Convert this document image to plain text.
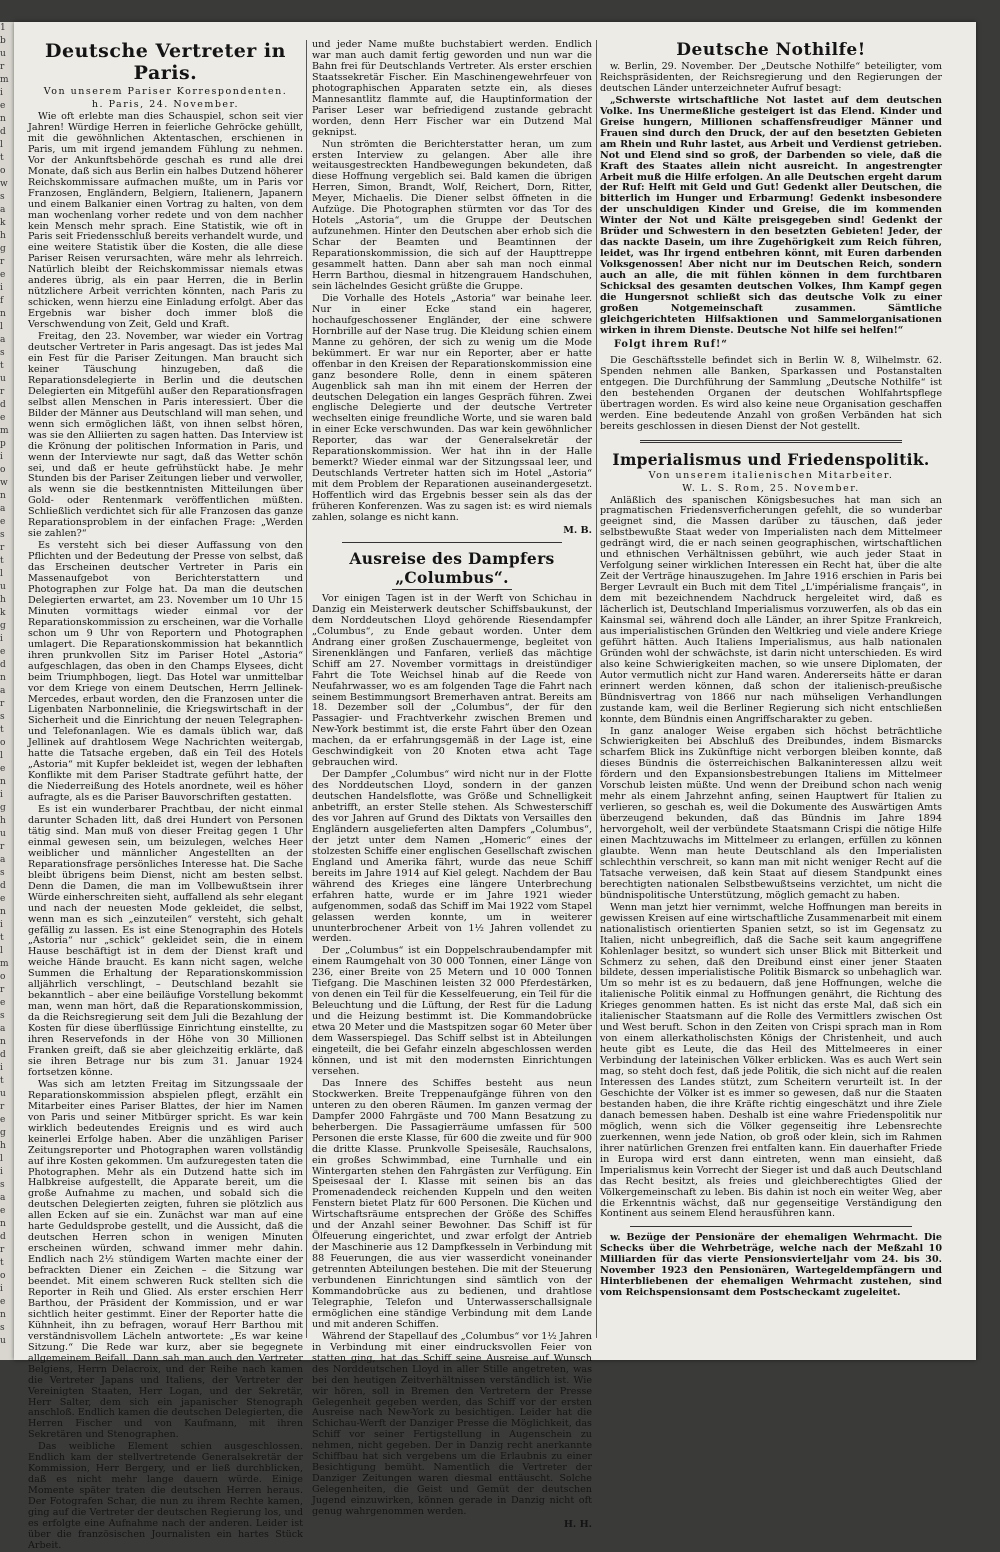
1
b
u
r
m
i
e
n
d
l
t
o
w
s
a
k
h
g
r
e
i
f
n
l
a
s
t
u
r
d
e
m
p
i
o
w
n
a
e
s
r
t
l
u
h
k
g
i
e
d
n
a
r
s
t
o
l
e
n
i
g
h
u
r
a
s
d
e
n
i
t
l
m
o
r
e
s
a
n
d
i
t
u
r
e
g
h
l
i
s
a
e
n
d
r
t
o
i
e
n
s
u
Deutsche Vertreter in Paris.
Von unserem Pariser Korrespondenten.
h. Paris, 24. November.

Wie oft erlebte man dies Schauspiel, schon seit vier Jahren! Würdige Herren in feierliche Gehröcke gehüllt, mit die gewöhnlichen Aktentaschen, erschienen in Paris, um mit irgend jemandem Fühlung zu nehmen. Vor der Ankunftsbehörde geschah es rund alle drei Monate, daß sich aus Berlin ein halbes Dutzend höherer Reichskommissare aufmachen mußte, um in Paris vor Franzosen, Engländern, Belgiern, Italienern, Japanern und einem Balkanier einen Vortrag zu halten, von dem man wochenlang vorher redete und von dem nachher kein Mensch mehr sprach. Eine Statistik, wie oft in Paris seit Friedensschluß bereits verhandelt wurde, und eine weitere Statistik über die Kosten, die alle diese Pariser Reisen verursachten, wäre mehr als lehrreich. Natürlich bleibt der Reichskommissar niemals etwas anderes übrig, als ein paar Herren, die in Berlin nützlichere Arbeit verrichten könnten, nach Paris zu schicken, wenn hierzu eine Einladung erfolgt. Aber das Ergebnis war bisher doch immer bloß die Verschwendung von Zeit, Geld und Kraft.

Freitag, den 23. November, war wieder ein Vortrag deutscher Vertreter in Paris angesagt. Das ist jedes Mal ein Fest für die Pariser Zeitungen. Man braucht sich keiner Täuschung hinzugeben, daß die Reparationsdelegierte in Berlin und die deutschen Delegierten ein Mitgefühl außer den Reparationsfragen selbst allen Menschen in Paris interessiert. Über die Bilder der Männer aus Deutschland will man sehen, und wenn sich ermöglichen läßt, von ihnen selbst hören, was sie den Alliierten zu sagen hatten. Das Interview ist die Krönung der politischen Information in Paris, und wenn der Interviewte nur sagt, daß das Wetter schön sei, und daß er heute gefrühstückt habe. Je mehr Stunden bis der Pariser Zeitungen lieber und verwoller, als wenn sie die bestkenntnisten Mitteilungen über Gold- oder Rentenmark veröffentlichen müßten. Schließlich verdichtet sich für alle Franzosen das ganze Reparationsproblem in der einfachen Frage: „Werden sie zahlen?“

Es versteht sich bei dieser Auffassung von den Pflichten und der Bedeutung der Presse von selbst, daß das Erscheinen deutscher Vertreter in Paris ein Massenaufgebot von Berichterstattern und Photographen zur Folge hat. Da man die deutschen Delegierten erwartet, am 23. November um 10 Uhr 15 Minuten vormittags wieder einmal vor der Reparationskommission zu erscheinen, war die Vorhalle schon um 9 Uhr von Reportern und Photographen umlagert. Die Reparationskommission hat bekanntlich ihren prunkvollen Sitz im Pariser Hotel „Astoria“ aufgeschlagen, das oben in den Champs Elysees, dicht beim Triumphbogen, liegt. Das Hotel war unmittelbar vor dem Kriege von einem Deutschen, Herrn Jellinek-Mercedes, erbaut worden, den die Franzosen unter die Ligenbaten Narbonnelinie, die Kriegswirtschaft in der Sicherheit und die Einrichtung der neuen Telegraphen- und Telefonanlagen. Wie es damals üblich war, daß Jellinek auf drahtlosem Wege Nachrichten weitergab, hatte die Tatsache ergeben, daß ein Teil des Hotels „Astoria“ mit Kupfer bekleidet ist, wegen der lebhaften Konflikte mit dem Pariser Stadtrate geführt hatte, der die Niederreißung des Hotels anordnete, weil es höher aufragte, als es die Pariser Bauvorschriften gestatten.

Es ist ein wunderbarer Prachtbau, der nicht einmal darunter Schaden litt, daß drei Hundert von Personen tätig sind. Man muß von dieser Freitag gegen 1 Uhr einmal gewesen sein, um beizulegen, welches Heer weiblicher und männlicher Angestellten an der Reparationsfrage persönliches Interesse hat. Die Sache bleibt übrigens beim Dienst, nicht am besten selbst. Denn die Damen, die man im Vollbewußtsein ihrer Würde einherschreiten sieht, auffallend als sehr elegant und nach der neuesten Mode gekleidet, die selbst, wenn man es sich „einzuteilen“ versteht, sich gehalt gefällig zu lassen. Es ist eine Stenographin des Hotels „Astoria“ nur „schick“ gekleidet sein, die in einem Hause beschäftigt ist in dem der Dienst kraft und weiche Hände braucht. Es kann nicht sagen, welche Summen die Erhaltung der Reparationskommission alljährlich verschlingt, – Deutschland bezahlt sie bekanntlich – aber eine beiläufige Vorstellung bekommt man, wenn man hört, daß die Reparationskommission, da die Reichsregierung seit dem Juli die Bezahlung der Kosten für diese überflüssige Einrichtung einstellte, zu ihren Reservefonds in der Höhe von 30 Millionen Franken greift, daß sie aber gleichzeitig erklärte, daß sie ihren Betrage nur bis zum 31. Januar 1924 fortsetzen könne.

Was sich am letzten Freitag im Sitzungssaale der Reparationskommission abspielen pflegt, erzählt ein Mitarbeiter eines Pariser Blattes, der hier im Namen von Paris und seiner Mitbürger spricht. Es war kein wirklich bedeutendes Ereignis und es wird auch keinerlei Erfolge haben. Aber die unzähligen Pariser Zeitungsreporter und Photographen waren vollständig auf ihre Kosten gekommen. Um aufzuregesten taten die Photographen. Mehr als ein Dutzend hatte sich im Halbkreise aufgestellt, die Apparate bereit, um die große Aufnahme zu machen, und sobald sich die deutschen Delegierten zeigten, fuhren sie plötzlich aus allen Ecken auf sie ein. Zunächst war man auf eine harte Geduldsprobe gestellt, und die Aussicht, daß die deutschen Herren schon in wenigen Minuten erscheinen würden, schwand immer mehr dahin. Endlich nach 2½ stündigem Warten machte einer der befrackten Diener ein Zeichen – die Sitzung war beendet. Mit einem schweren Ruck stellten sich die Reporter in Reih und Glied. Als erster erschien Herr Barthou, der Präsident der Kommission, und er war sichtlich heiter gestimmt. Einer der Reporter hatte die Kühnheit, ihn zu befragen, worauf Herr Barthou mit verständnisvollem Lächeln antwortete: „Es war keine Sitzung.“ Die Rede war kurz, aber sie begegnete allgemeinem Beifall. Dann sah man auch den Vertreter Belgiens, Herrn Delacroix, und der Reihe nach kamen die Vertreter Japans und Italiens, der Vertreter der Vereinigten Staaten, Herr Logan, und der Sekretär, Herr Salter, dem sich ein japanischer Stenograph anschloß. Endlich kamen die deutschen Delegierten, die Herren Fischer und von Kaufmann, mit ihren Sekretären und Stenographen.

Das weibliche Element schien ausgeschlossen. Endlich kam der stellvertretende Generalsekretär der Kommission, Herr Bergery, und er ließ durchblicken, daß es nicht mehr lange dauern würde. Einige Momente später traten die deutschen Herren heraus. Der Fotografen Schar, die nun zu ihrem Rechte kamen, ging auf die Vertreter der deutschen Regierung los, und es erfolgte eine Aufnahme nach der anderen. Leider ist über die französischen Journalisten ein hartes Stück Arbeit.

und jeder Name mußte buchstabiert werden. Endlich war man auch damit fertig geworden und nun war die Bahn frei für Deutschlands Vertreter. Als erster erschien Staatssekretär Fischer. Ein Maschinengewehrfeuer von photographischen Apparaten setzte ein, als dieses Mannesantlitz flammte auf, die Hauptinformation der Pariser Leser war befriedigend zustande gebracht worden, denn Herr Fischer war ein Dutzend Mal geknipst.

Nun strömten die Berichterstatter heran, um zum ersten Interview zu gelangen. Aber alle ihre weitausgestreckten Handbewegungen bekundeten, daß diese Hoffnung vergeblich sei. Bald kamen die übrigen Herren, Simon, Brandt, Wolf, Reichert, Dorn, Ritter, Meyer, Michaelis. Die Diener selbst öffneten in die Aufzüge. Die Photographen stürmten vor das Tor des Hotels „Astoria“, um die Gruppe der Deutschen aufzunehmen. Hinter den Deutschen aber erhob sich die Schar der Beamten und Beamtinnen der Reparationskommission, die sich auf der Haupttreppe gesammelt hatten. Dann aber sah man noch einmal Herrn Barthou, diesmal in hitzengrauem Handschuhen, sein lächelndes Gesicht grüßte die Gruppe.

Die Vorhalle des Hotels „Astoria“ war beinahe leer. Nur in einer Ecke stand ein hagerer, hochaufgeschossener Engländer, der eine schwere Hornbrille auf der Nase trug. Die Kleidung schien einem Manne zu gehören, der sich zu wenig um die Mode bekümmert. Er war nur ein Reporter, aber er hatte offenbar in den Kreisen der Reparationskommission eine ganz besondere Rolle, denn in einem späteren Augenblick sah man ihn mit einem der Herren der deutschen Delegation ein langes Gespräch führen. Zwei englische Delegierte und der deutsche Vertreter wechselten einige freundliche Worte, und sie waren bald in einer Ecke verschwunden. Das war kein gewöhnlicher Reporter, das war der Generalsekretär der Reparationskommission. Wer hat ihn in der Halle bemerkt? Wieder einmal war der Sitzungssaal leer, und Deutschlands Vertreter hatten sich im Hotel „Astoria“ mit dem Problem der Reparationen auseinandergesetzt. Hoffentlich wird das Ergebnis besser sein als das der früheren Konferenzen. Was zu sagen ist: es wird niemals zahlen, solange es nicht kann.

M. B.
Ausreise des Dampfers „Columbus“.

Vor einigen Tagen ist in der Werft von Schichau in Danzig ein Meisterwerk deutscher Schiffsbaukunst, der dem Norddeutschen Lloyd gehörende Riesendampfer „Columbus“, zu Ende gebaut worden. Unter dem Andrang einer großen Zuschauermenge, begleitet von Sirenenklängen und Fanfaren, verließ das mächtige Schiff am 27. November vormittags in dreistündiger Fahrt die Tote Weichsel hinab auf die Reede von Neufahrwasser, wo es am folgenden Tage die Fahrt nach seinem Bestimmungsort Bremerhaven antrat. Bereits am 18. Dezember soll der „Columbus“, der für den Passagier- und Frachtverkehr zwischen Bremen und New-York bestimmt ist, die erste Fahrt über den Ozean machen, da er erfahrungsgemäß in der Lage ist, eine Geschwindigkeit von 20 Knoten etwa acht Tage gebrauchen wird.

Der Dampfer „Columbus“ wird nicht nur in der Flotte des Norddeutschen Lloyd, sondern in der ganzen deutschen Handelsflotte, was Größe und Schnelligkeit anbetrifft, an erster Stelle stehen. Als Schwesterschiff des vor Jahren auf Grund des Diktats von Versailles den Engländern ausgelieferten alten Dampfers „Columbus“, der jetzt unter dem Namen „Homeric“ eines der stolzesten Schiffe einer englischen Gesellschaft zwischen England und Amerika fährt, wurde das neue Schiff bereits im Jahre 1914 auf Kiel gelegt. Nachdem der Bau während des Krieges eine längere Unterbrechung erfahren hatte, wurde er im Jahre 1921 wieder aufgenommen, sodaß das Schiff im Mai 1922 vom Stapel gelassen werden konnte, um in weiterer ununterbrochener Arbeit von 1½ Jahren vollendet zu werden.

Der „Columbus“ ist ein Doppelschraubendampfer mit einem Raumgehalt von 30 000 Tonnen, einer Länge von 236, einer Breite von 25 Metern und 10 000 Tonnen Tiefgang. Die Maschinen leisten 32 000 Pferdestärken, von denen ein Teil für die Kesselfeuerung, ein Teil für die Beleuchtung und die Lüftung, der Rest für die Ladung und die Heizung bestimmt ist. Die Kommandobrücke etwa 20 Meter und die Mastspitzen sogar 60 Meter über dem Wasserspiegel. Das Schiff selbst ist in Abteilungen eingeteilt, die bei Gefahr einzeln abgeschlossen werden können, und ist mit den modernsten Einrichtungen versehen.

Das Innere des Schiffes besteht aus neun Stockwerken. Breite Treppenaufgänge führen von den unteren zu den oberen Räumen. Im ganzen vermag der Dampfer 2000 Fahrgäste und 700 Mann Besatzung zu beherbergen. Die Passagierräume umfassen für 500 Personen die erste Klasse, für 600 die zweite und für 900 die dritte Klasse. Prunkvolle Speisesäle, Rauchsalons, ein großes Schwimmbad, eine Turnhalle und ein Wintergarten stehen den Fahrgästen zur Verfügung. Ein Speisesaal der I. Klasse mit seinen bis an das Promenadendeck reichenden Kuppeln und den weiten Fenstern bietet Platz für 600 Personen. Die Küchen und Wirtschaftsräume entsprechen der Größe des Schiffes und der Anzahl seiner Bewohner. Das Schiff ist für Ölfeuerung eingerichtet, und zwar erfolgt der Antrieb der Maschinerie aus 12 Dampfkesseln in Verbindung mit 88 Feuerungen, die aus vier wasserdicht voneinander getrennten Abteilungen bestehen. Die mit der Steuerung verbundenen Einrichtungen sind sämtlich von der Kommandobrücke aus zu bedienen, und drahtlose Telegraphie, Telefon und Unterwasserschallsignale ermöglichen eine ständige Verbindung mit dem Lande und mit anderen Schiffen.

Während der Stapellauf des „Columbus“ vor 1½ Jahren in Verbindung mit einer eindrucksvollen Feier von statten ging, hat das Schiff seine Ausreise auf Wunsch des Norddeutschen Lloyd in aller Stille angetreten, was bei den heutigen Zeitverhältnissen verständlich ist. Wie wir hören, soll in Bremen den Vertretern der Presse Gelegenheit gegeben werden, das Schiff vor der ersten Ausreise nach New-York zu besichtigen. Leider hat die Schichau-Werft der Danziger Presse die Möglichkeit, das Schiff vor seiner Fertigstellung in Augenschein zu nehmen, nicht gegeben. Der in Danzig recht anerkannte Schiffbau hat sich vergebens um die Erlaubnis zu einer Besichtigung bemüht. Namentlich die Vertreter der Danziger Zeitungen waren diesmal enttäuscht. Solche Gelegenheiten, die Geist und Gemüt der deutschen Jugend einzuwirken, können gerade in Danzig nicht oft genug wahrgenommen werden.

H. H.
Deutsche Nothilfe!

w. Berlin, 29. November. Der „Deutsche Nothilfe“ beteiligter, vom Reichspräsidenten, der Reichsregierung und den Regierungen der deutschen Länder unterzeichneter Aufruf besagt:

„Schwerste wirtschaftliche Not lastet auf dem deutschen Volke. Ins Unermeßliche gesteigert ist das Elend. Kinder und Greise hungern, Millionen schaffensfreudiger Männer und Frauen sind durch den Druck, der auf den besetzten Gebieten am Rhein und Ruhr lastet, aus Arbeit und Verdienst getrieben. Not und Elend sind so groß, der Darbenden so viele, daß die Kraft des Staates allein nicht ausreicht. In angestrengter Arbeit muß die Hilfe erfolgen. An alle Deutschen ergeht darum der Ruf: Helft mit Geld und Gut! Gedenkt aller Deutschen, die bitterlich im Hunger und Erbarmung! Gedenkt insbesondere der unschuldigen Kinder und Greise, die im kommenden Winter der Not und Kälte preisgegeben sind! Gedenkt der Brüder und Schwestern in den besetzten Gebieten! Jeder, der das nackte Dasein, um ihre Zugehörigkeit zum Reich führen, leidet, was Ihr irgend entbehren könnt, mit Euren darbenden Volksgenossen! Aber nicht nur im Deutschen Reich, sondern auch an alle, die mit fühlen können in dem furchtbaren Schicksal des gesamten deutschen Volkes, Ihm Kampf gegen die Hungersnot schließt sich das deutsche Volk zu einer großen Notgemeinschaft zusammen. Sämtliche gleichgerichteten Hilfsaktionen und Sammelorganisationen wirken in ihrem Dienste. Deutsche Not hilfe sei helfen!“

Folgt ihrem Ruf!“

Die Geschäftsstelle befindet sich in Berlin W. 8, Wilhelmstr. 62. Spenden nehmen alle Banken, Sparkassen und Postanstalten entgegen. Die Durchführung der Sammlung „Deutsche Nothilfe“ ist den bestehenden Organen der deutschen Wohlfahrtspflege übertragen worden. Es wird also keine neue Organisation geschaffen werden. Eine bedeutende Anzahl von großen Verbänden hat sich bereits geschlossen in diesen Dienst der Not gestellt.

Imperialismus und Friedenspolitik.
Von unserem italienischen Mitarbeiter.
W. L. S. Rom, 25. November.

Anläßlich des spanischen Königsbesuches hat man sich an pragmatischen Friedensverficherungen gefehlt, die so wunderbar geeignet sind, die Massen darüber zu täuschen, daß jeder selbstbewußte Staat weder von Imperialisten nach dem Mittelmeer gedrängt wird, die er nach seinen geographischen, wirtschaftlichen und ethnischen Verhältnissen gebührt, wie auch jeder Staat in Verfolgung seiner wirklichen Interessen ein Recht hat, über die alte Zeit der Verträge hinauszugehen. Im Jahre 1916 erschien in Paris bei Berger Levrault ein Buch mit dem Titel „L'impérialisme français“, in dem mit bezeichnendem Nachdruck hergeleitet wird, daß es lächerlich ist, Deutschland Imperialismus vorzuwerfen, als ob das ein Kainsmal sei, während doch alle Länder, an ihrer Spitze Frankreich, aus imperialistischen Gründen den Weltkrieg und viele andere Kriege geführt hätten. Auch Italiens Imperialismus, aus halb nationalen Gründen wohl der schwächste, ist darin nicht unterschieden. Es wird also keine Schwierigkeiten machen, so wie unsere Diplomaten, der Autor vermutlich nicht zur Hand waren. Andererseits hätte er daran erinnert werden können, daß schon der italienisch-preußische Bündnisvertrag von 1866 nur nach mühseligen Verhandlungen zustande kam, weil die Berliner Regierung sich nicht entschließen konnte, dem Bündnis einen Angriffscharakter zu geben.

In ganz analoger Weise ergaben sich höchst beträchtliche Schwierigkeiten bei Abschluß des Dreibundes, indem Bismarcks scharfem Blick ins Zukünftige nicht verborgen bleiben konnte, daß dieses Bündnis die österreichischen Balkaninteressen allzu weit fördern und den Expansionsbestrebungen Italiens im Mittelmeer Vorschub leisten müßte. Und wenn der Dreibund schon nach wenig mehr als einem Jahrzehnt anfing, seinen Hauptwert für Italien zu verlieren, so geschah es, weil die Dokumente des Auswärtigen Amts überzeugend bekunden, daß das Bündnis im Jahre 1894 hervorgeholt, weil der verbündete Staatsmann Crispi die nötige Hilfe einen Machtzuwachs im Mittelmeer zu erlangen, erfüllen zu können glaubte. Wenn man heute Deutschland als den Imperialisten schlechthin verschreit, so kann man mit nicht weniger Recht auf die Tatsache verweisen, daß kein Staat auf diesem Standpunkt eines berechtigten nationalen Selbstbewußtseins verzichtet, um nicht die bündnispolitische Unterstützung, möglich gemacht zu haben.

Wenn man jetzt hier vernimmt, welche Hoffnungen man bereits in gewissen Kreisen auf eine wirtschaftliche Zusammenarbeit mit einem nationalistisch orientierten Spanien setzt, so ist im Gegensatz zu Italien, nicht unbegreiflich, daß die Sache seit kaum angegriffene Kohlenlager besitzt, so wundert sich unser Blick mit Bitterkeit und Schmerz zu sehen, daß den Dreibund einst einer jener Staaten bildete, dessen imperialistische Politik Bismarck so unbehaglich war. Um so mehr ist es zu bedauern, daß jene Hoffnungen, welche die italienische Politik einmal zu Hoffnungen genährt, die Richtung des Krieges genommen hatten. Es ist nicht das erste Mal, daß sich ein italienischer Staatsmann auf die Rolle des Vermittlers zwischen Ost und West beruft. Schon in den Zeiten von Crispi sprach man in Rom von einem allerkatholischsten Königs der Christenheit, und auch heute gibt es Leute, die das Heil des Mittelmeeres in einer Verbindung der lateinischen Völker erblicken. Was es auch Wert sein mag, so steht doch fest, daß jede Politik, die sich nicht auf die realen Interessen des Landes stützt, zum Scheitern verurteilt ist. In der Geschichte der Völker ist es immer so gewesen, daß nur die Staaten bestanden haben, die ihre Kräfte richtig eingeschätzt und ihre Ziele danach bemessen haben. Deshalb ist eine wahre Friedenspolitik nur möglich, wenn sich die Völker gegenseitig ihre Lebensrechte zuerkennen, wenn jede Nation, ob groß oder klein, sich im Rahmen ihrer natürlichen Grenzen frei entfalten kann. Ein dauerhafter Friede in Europa wird erst dann eintreten, wenn man einsieht, daß Imperialismus kein Vorrecht der Sieger ist und daß auch Deutschland das Recht besitzt, als freies und gleichberechtigtes Glied der Völkergemeinschaft zu leben. Bis dahin ist noch ein weiter Weg, aber die Erkenntnis wächst, daß nur gegenseitige Verständigung den Kontinent aus seinem Elend herausführen kann.

w. Bezüge der Pensionäre der ehemaligen Wehrmacht. Die Schecks über die Wehrbeträge, welche nach der Meßzahl 10 Milliarden für das vierte Pensionsvierteljahr vom 24. bis 30. November 1923 den Pensionären, Wartegeldempfängern und Hinterbliebenen der ehemaligen Wehrmacht zustehen, sind vom Reichspensionsamt dem Postscheckamt zugeleitet.
